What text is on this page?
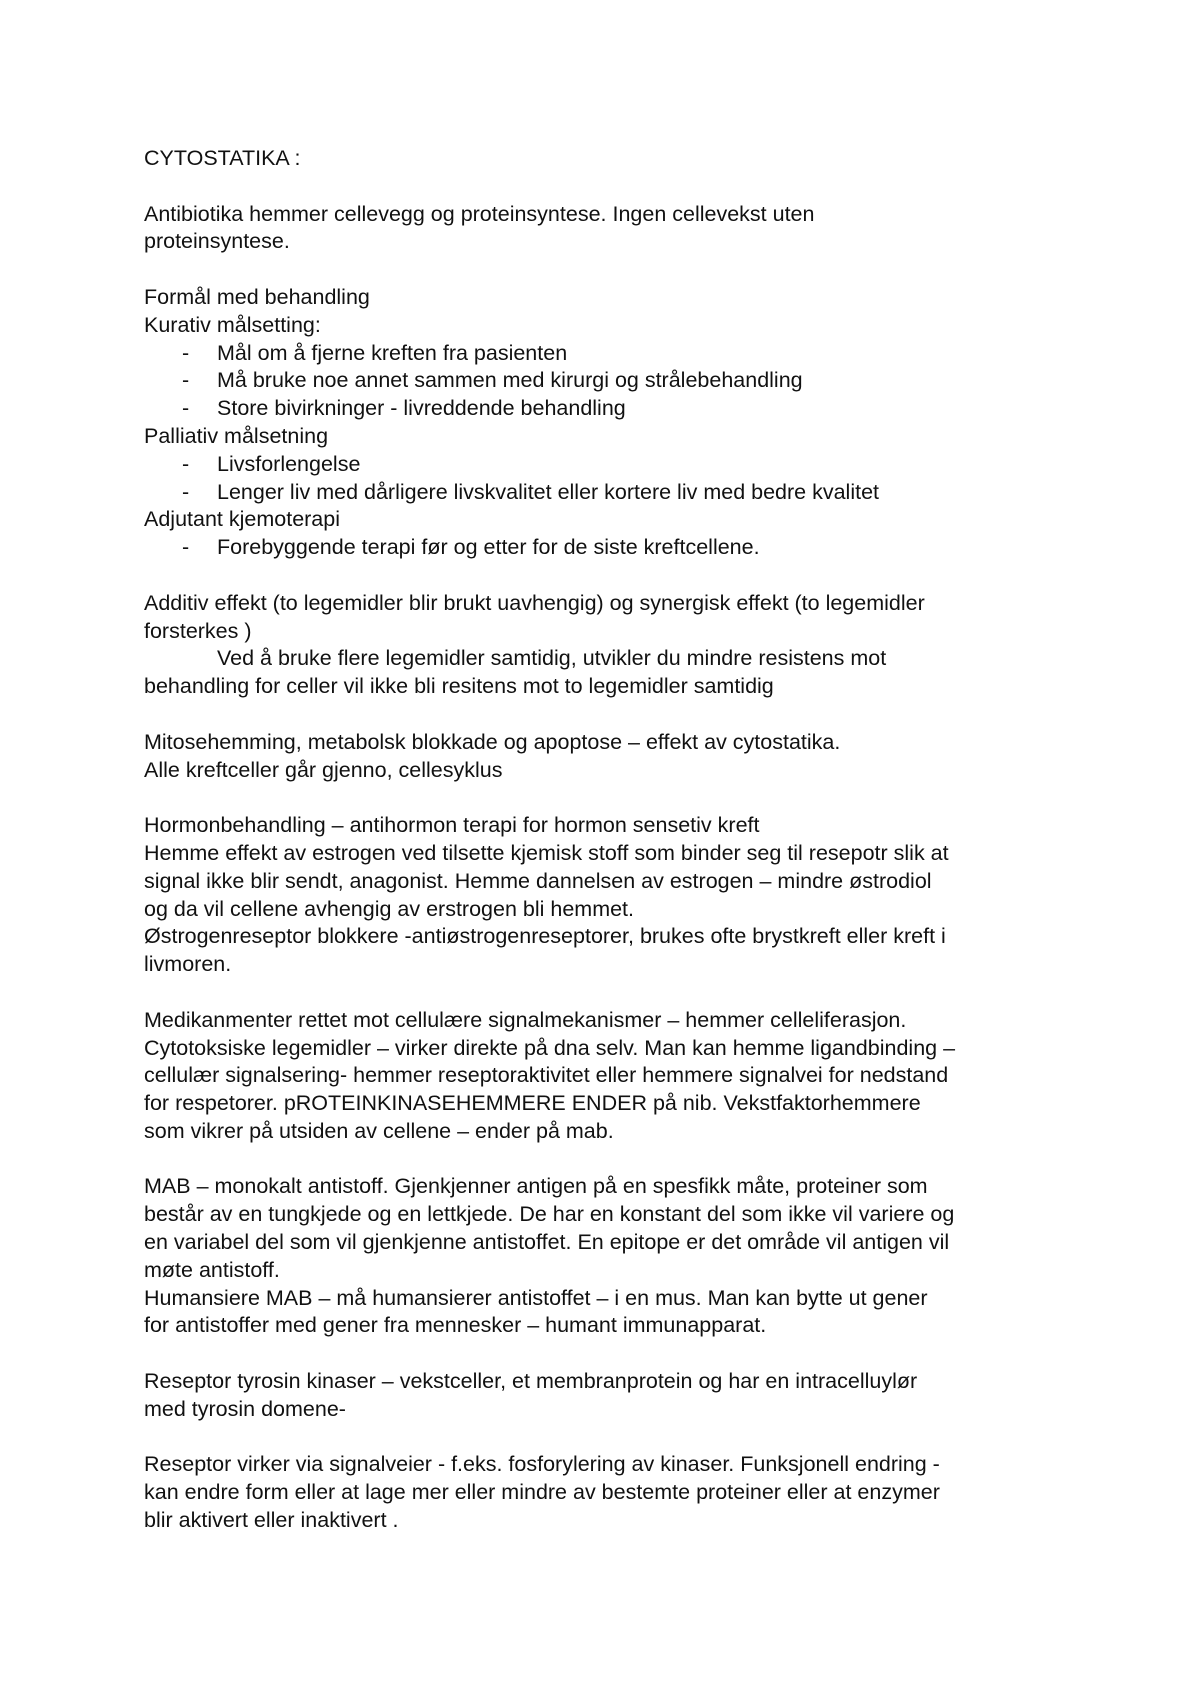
CYTOSTATIKA :
Antibiotika hemmer cellevegg og proteinsyntese. Ingen cellevekst uten
proteinsyntese.
Formål med behandling
Kurativ målsetting:
- Mål om å fjerne kreften fra pasienten
- Må bruke noe annet sammen med kirurgi og strålebehandling
- Store bivirkninger - livreddende behandling
Palliativ målsetning
- Livsforlengelse
- Lenger liv med dårligere livskvalitet eller kortere liv med bedre kvalitet
Adjutant kjemoterapi
- Forebyggende terapi før og etter for de siste kreftcellene.
Additiv effekt (to legemidler blir brukt uavhengig) og synergisk effekt (to legemidler
forsterkes )
Ved å bruke flere legemidler samtidig, utvikler du mindre resistens mot
behandling for celler vil ikke bli resitens mot to legemidler samtidig
Mitosehemming, metabolsk blokkade og apoptose – effekt av cytostatika.
Alle kreftceller går gjenno, cellesyklus
Hormonbehandling – antihormon terapi for hormon sensetiv kreft
Hemme effekt av estrogen ved tilsette kjemisk stoff som binder seg til resepotr slik at
signal ikke blir sendt, anagonist. Hemme dannelsen av estrogen – mindre østrodiol
og da vil cellene avhengig av erstrogen bli hemmet.
Østrogenreseptor blokkere -antiøstrogenreseptorer, brukes ofte brystkreft eller kreft i
livmoren.
Medikanmenter rettet mot cellulære signalmekanismer – hemmer celleliferasjon.
Cytotoksiske legemidler – virker direkte på dna selv. Man kan hemme ligandbinding –
cellulær signalsering- hemmer reseptoraktivitet eller hemmere signalvei for nedstand
for respetorer. pROTEINKINASEHEMMERE ENDER på nib. Vekstfaktorhemmere
som vikrer på utsiden av cellene – ender på mab.
MAB – monokalt antistoff. Gjenkjenner antigen på en spesfikk måte, proteiner som
består av en tungkjede og en lettkjede. De har en konstant del som ikke vil variere og
en variabel del som vil gjenkjenne antistoffet. En epitope er det område vil antigen vil
møte antistoff.
Humansiere MAB – må humansierer antistoffet – i en mus. Man kan bytte ut gener
for antistoffer med gener fra mennesker – humant immunapparat.
Reseptor tyrosin kinaser – vekstceller, et membranprotein og har en intracelluylør
med tyrosin domene-
Reseptor virker via signalveier - f.eks. fosforylering av kinaser. Funksjonell endring -
kan endre form eller at lage mer eller mindre av bestemte proteiner eller at enzymer
blir aktivert eller inaktivert .
